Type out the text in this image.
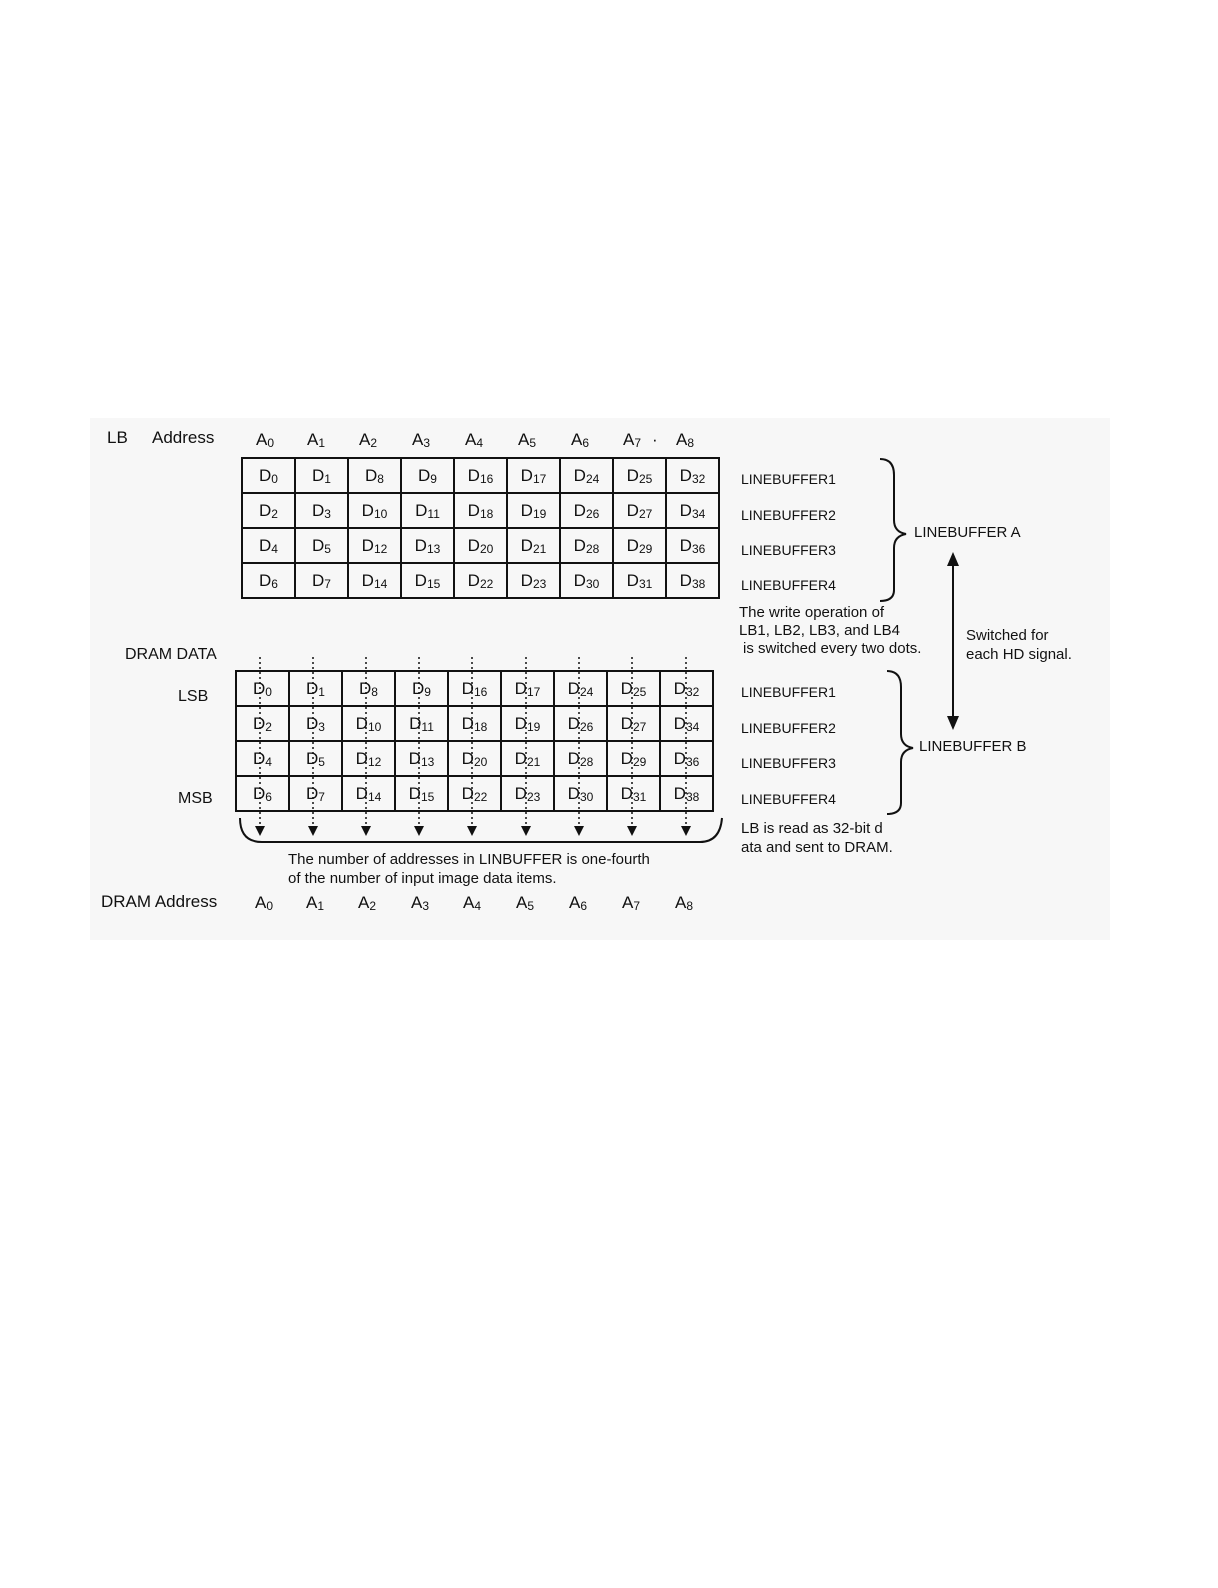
LB Address A0 A1 A2 A3 A4 A5 A6 A7 A8
·
D0	D1	D8	D9	D16	D17	D24	D25	D32
D2	D3	D10	D11	D18	D19	D26	D27	D34
D4	D5	D12	D13	D20	D21	D28	D29	D36
D6	D7	D14	D15	D22	D23	D30	D31	D38
LINEBUFFER1
LINEBUFFER2
LINEBUFFER3
LINEBUFFER4
LINEBUFFER A
The write operation of
LB1, LB2, LB3, and LB4
is switched every two dots.
Switched for
each HD signal.
DRAM DATA
LSB
MSB
D0	D1	D8	D9	D16	D17	D24	D25	D32
D2	D3	D10	D11	D18	D19	D26	D27	D34
D4	D5	D12	D13	D20	D21	D28	D29	D36
D6	D7	D14	D15	D22	D23	D30	D31	D38
LINEBUFFER1
LINEBUFFER2
LINEBUFFER3
LINEBUFFER4
LINEBUFFER B
LB is read as 32-bit d
ata and sent to DRAM.
The number of addresses in LINBUFFER is one-fourth
of the number of input image data items.
DRAM Address A0 A1 A2 A3 A4 A5 A6 A7 A8
